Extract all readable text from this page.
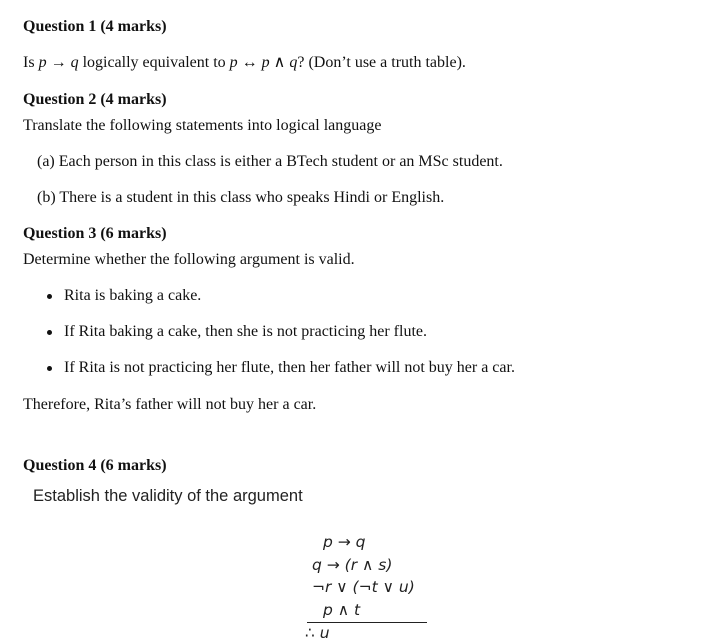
Question 1 (4 marks)
Is p → q logically equivalent to p ↔ p ∧ q? (Don’t use a truth table).
Question 2 (4 marks)
Translate the following statements into logical language
(a) Each person in this class is either a BTech student or an MSc student.
(b) There is a student in this class who speaks Hindi or English.
Question 3 (6 marks)
Determine whether the following argument is valid.
Rita is baking a cake.
If Rita baking a cake, then she is not practicing her flute.
If Rita is not practicing her flute, then her father will not buy her a car.
Therefore, Rita’s father will not buy her a car.
Question 4 (6 marks)
Establish the validity of the argument
p → q
q → (r ∧ s)
¬r ∨ (¬t ∨ u)
p ∧ t
∴ u
